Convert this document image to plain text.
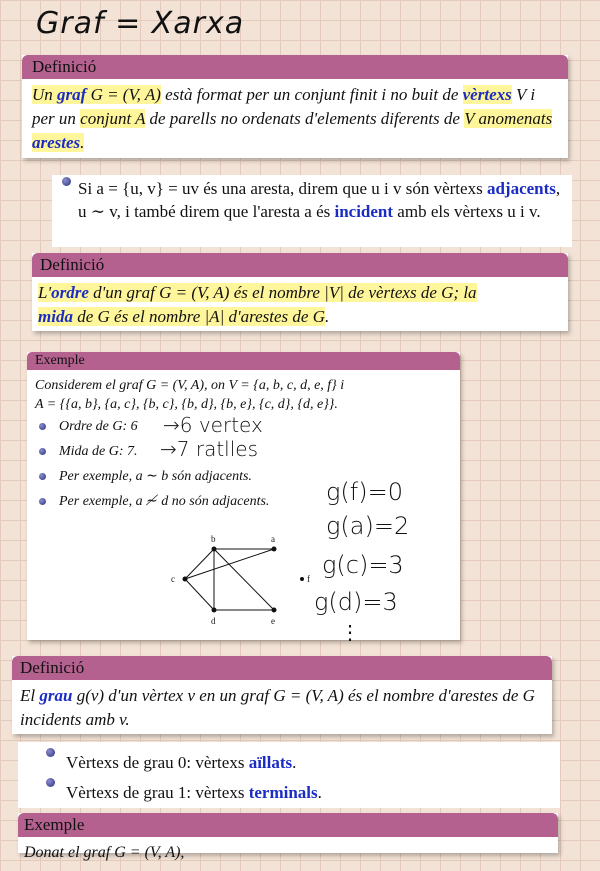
Graf = Xarxa
Definició
Un graf G = (V, A) està format per un conjunt finit i no buit de vèrtexs V i per un conjunt A de parells no ordenats d'elements diferents de V anomenats arestes.
Si a = {u, v} = uv és una aresta, direm que u i v són vèrtexs adjacents, u ∼ v, i també direm que l'aresta a és incident amb els vèrtexs u i v.
Definició
L'ordre d'un graf G = (V, A) és el nombre |V| de vèrtexs de G; la
mida de G és el nombre |A| d'arestes de G.
Exemple
Considerem el graf G = (V, A), on V = {a, b, c, d, e, f} i
A = {{a, b}, {a, c}, {b, c}, {b, d}, {b, e}, {c, d}, {d, e}}.
Ordre de G: 6
Mida de G: 7.
Per exemple, a ∼ b són adjacents.
Per exemple, a ≁ d no són adjacents.
a
b
c
d	e
f
→6 vertex
→7 ratlles
g(f)=0
g(a)=2
g(c)=3
g(d)=3
⋮
Definició
El grau g(v) d'un vèrtex v en un graf G = (V, A) és el nombre d'arestes de G incidents amb v.
Vèrtexs de grau 0: vèrtexs aïllats.
Vèrtexs de grau 1: vèrtexs terminals.
Exemple
Donat el graf G = (V, A),
